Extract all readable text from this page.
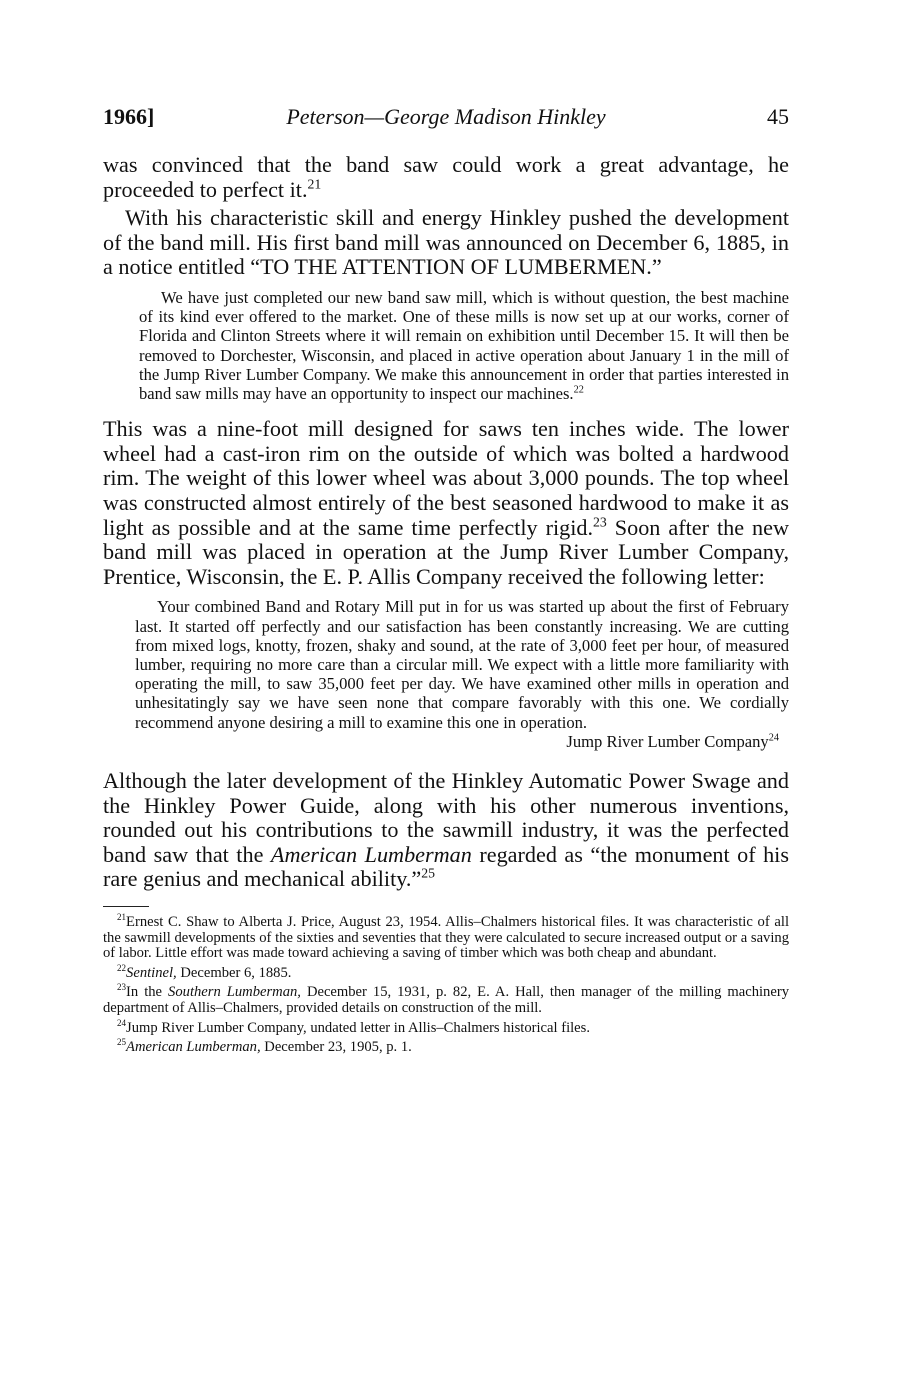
1966]	Peterson—George Madison Hinkley	45

was convinced that the band saw could work a great advantage, he proceeded to perfect it.$^{21}$

With his characteristic skill and energy Hinkley pushed the development of the band mill. His first band mill was announced on December 6, 1885, in a notice entitled “TO THE ATTENTION OF LUMBERMEN.”

We have just completed our new band saw mill, which is without question, the best machine of its kind ever offered to the market. One of these mills is now set up at our works, corner of Florida and Clinton Streets where it will remain on exhibition until December 15. It will then be removed to Dorchester, Wisconsin, and placed in active operation about January 1 in the mill of the Jump River Lumber Company. We make this announcement in order that parties interested in band saw mills may have an opportunity to inspect our machines.$^{22}$

This was a nine-foot mill designed for saws ten inches wide. The lower wheel had a cast-iron rim on the outside of which was bolted a hardwood rim. The weight of this lower wheel was about 3,000 pounds. The top wheel was constructed almost entirely of the best seasoned hardwood to make it as light as possible and at the same time perfectly rigid.$^{23}$ Soon after the new band mill was placed in operation at the Jump River Lumber Company, Prentice, Wisconsin, the E. P. Allis Company received the following letter:

Your combined Band and Rotary Mill put in for us was started up about the first of February last. It started off perfectly and our satisfaction has been constantly increasing. We are cutting from mixed logs, knotty, frozen, shaky and sound, at the rate of 3,000 feet per hour, of measured lumber, requiring no more care than a circular mill. We expect with a little more familiarity with operating the mill, to saw 35,000 feet per day. We have examined other mills in operation and unhesitatingly say we have seen none that compare favorably with this one. We cordially recommend anyone desiring a mill to examine this one in operation.

Jump River Lumber Company$^{24}$

Although the later development of the Hinkley Automatic Power Swage and the Hinkley Power Guide, along with his other numerous inventions, rounded out his contributions to the sawmill industry, it was the perfected band saw that the American Lumberman regarded as “the monument of his rare genius and mechanical ability.”$^{25}$

$^{21}$Ernest C. Shaw to Alberta J. Price, August 23, 1954. Allis–Chalmers historical files. It was characteristic of all the sawmill developments of the sixties and seventies that they were calculated to secure increased output or a saving of labor. Little effort was made toward achieving a saving of timber which was both cheap and abundant.

$^{22}$Sentinel, December 6, 1885.

$^{23}$In the Southern Lumberman, December 15, 1931, p. 82, E. A. Hall, then manager of the milling machinery department of Allis–Chalmers, provided details on construction of the mill.

$^{24}$Jump River Lumber Company, undated letter in Allis–Chalmers historical files.

$^{25}$American Lumberman, December 23, 1905, p. 1.
